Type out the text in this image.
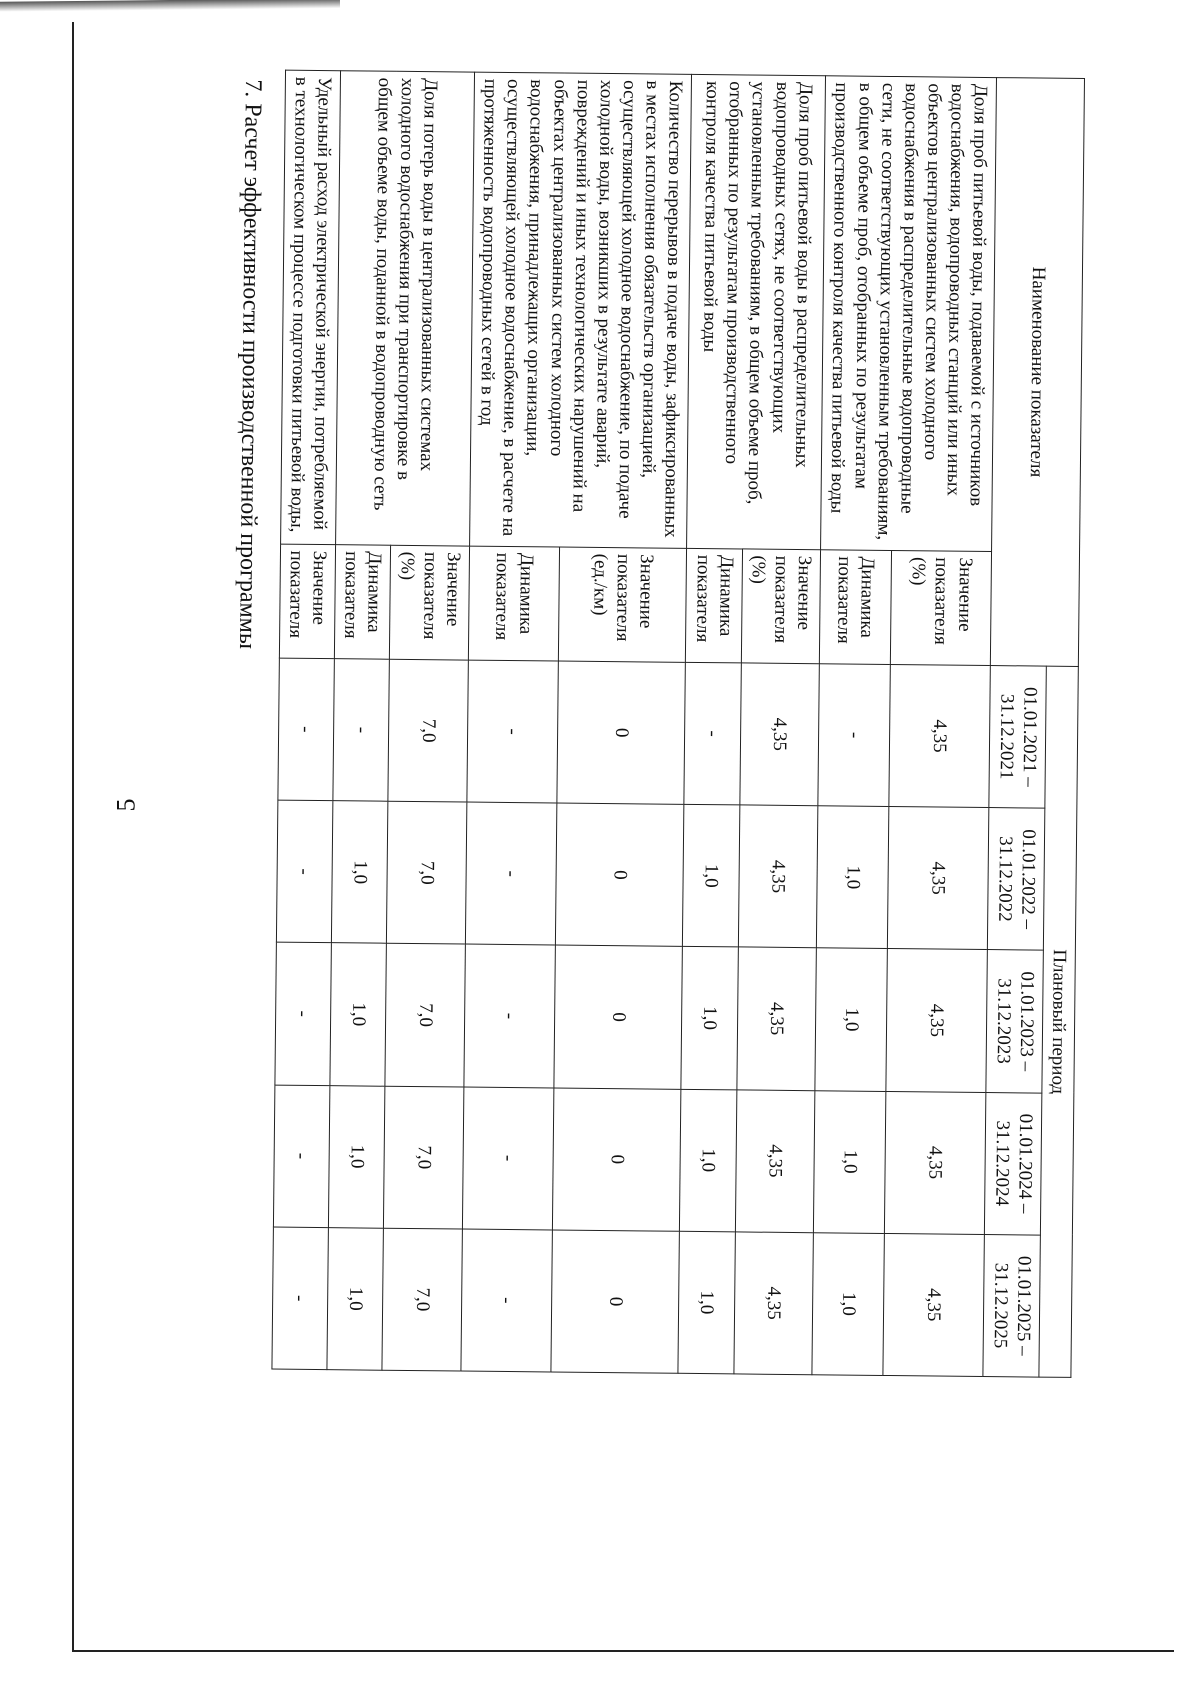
5
Наименование показателя		Плановый период				
		01.01.2021 – 31.12.2021	01.01.2022 – 31.12.2022	01.01.2023 – 31.12.2023	01.01.2024 – 31.12.2024	01.01.2025 – 31.12.2025
Доля проб питьевой воды, подаваемой с источников водоснабжения, водопроводных станций или иных объектов централизованных систем холодного водоснабжения в распределительные водопроводные сети, не соответствующих установленным требованиям, в общем объеме проб, отобранных по результатам производственного контроля качества питьевой воды	Значение показателя (%)	4,35	4,35	4,35	4,35	4,35
	Динамика показателя	-	1,0	1,0	1,0	1,0
Доля проб питьевой воды в распределительных водопроводных сетях, не соответствующих установленным требованиям, в общем объеме проб, отобранных по результатам производственного контроля качества питьевой воды	Значение показателя (%)	4,35	4,35	4,35	4,35	4,35
	Динамика показателя	-	1,0	1,0	1,0	1,0
Количество перерывов в подаче воды, зафиксированных в местах исполнения обязательств организацией, осуществляющей холодное водоснабжение, по подаче холодной воды, возникших в результате аварий, повреждений и иных технологических нарушений на объектах централизованных систем холодного водоснабжения, принадлежащих организации, осуществляющей холодное водоснабжение, в расчете на протяженность водопроводных сетей в год	Значение показателя (ед./км)	0	0	0	0	0
	Динамика показателя	-	-	-	-	-
Доля потерь воды в централизованных системах холодного водоснабжения при транспортировке в общем объеме воды, поданной в водопроводную сеть	Значение показателя (%)	7,0	7,0	7,0	7,0	7,0
	Динамика показателя	-	1,0	1,0	1,0	1,0
Удельный расход электрической энергии, потребляемой в технологическом процессе подготовки питьевой воды,	Значение показателя	-	-	-	-	-
7. Расчет эффективности производственной программы
